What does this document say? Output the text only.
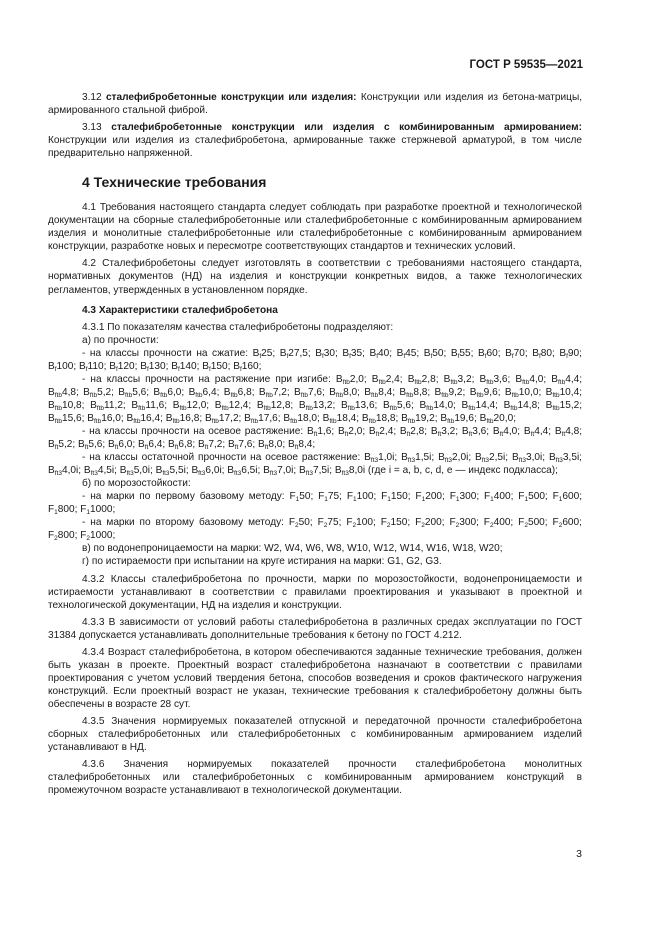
ГОСТ Р 59535—2021

3.12 сталефибробетонные конструкции или изделия: Конструкции или изделия из бетона-матрицы, армированного стальной фиброй.

3.13 сталефибробетонные конструкции или изделия с комбинированным армированием: Конструкции или изделия из сталефибробетона, армированные также стержневой арматурой, в том числе предварительно напряженной.

4 Технические требования

4.1 Требования настоящего стандарта следует соблюдать при разработке проектной и технологической документации на сборные сталефибробетонные или сталефибробетонные с комбинированным армированием изделия и монолитные сталефибробетонные или сталефибробетонные с комбинированным армированием конструкции, разработке новых и пересмотре соответствующих стандартов и технических условий.

4.2 Сталефибробетоны следует изготовлять в соответствии с требованиями настоящего стандарта, нормативных документов (НД) на изделия и конструкции конкретных видов, а также технологических регламентов, утвержденных в установленном порядке.

4.3 Характеристики сталефибробетона

4.3.1 По показателям качества сталефибробетоны подразделяют:

а) по прочности:

- на классы прочности на сжатие: $B_f25$; $B_f27,5$; $B_f30$; $B_f35$; $B_f40$; $B_f45$; $B_f50$; $B_f55$; $B_f60$; $B_f70$; $B_f80$; $B_f90$; $B_f100$; $B_f110$; $B_f120$; $B_f130$; $B_f140$; $B_f150$; $B_f160$;

- на классы прочности на растяжение при изгибе: $B_{ftb}2,0$; $B_{ftb}2,4$; $B_{ftb}2,8$; $B_{ftb}3,2$; $B_{ftb}3,6$; $B_{ftb}4,0$; $B_{ftb}4,4$; $B_{ftb}4,8$; $B_{ftb}5,2$; $B_{ftb}5,6$; $B_{ftb}6,0$; $B_{ftb}6,4$; $B_{ftb}6,8$; $B_{ftb}7,2$; $B_{ftb}7,6$; $B_{ftb}8,0$; $B_{ftb}8,4$; $B_{ftb}8,8$; $B_{ftb}9,2$; $B_{ftb}9,6$; $B_{ftb}10,0$; $B_{ftb}10,4$; $B_{ftb}10,8$; $B_{ftb}11,2$; $B_{ftb}11,6$; $B_{ftb}12,0$; $B_{ftb}12,4$; $B_{ftb}12,8$; $B_{ftb}13,2$; $B_{ftb}13,6$; $B_{ftb}5,6$; $B_{ftb}14,0$; $B_{ftb}14,4$; $B_{ftb}14,8$; $B_{ftb}15,2$; $B_{ftb}15,6$; $B_{ftb}16,0$; $B_{ftb}16,4$; $B_{ftb}16,8$; $B_{ftb}17,2$; $B_{ftb}17,6$; $B_{ftb}18,0$; $B_{ftb}18,4$; $B_{ftb}18,8$; $B_{ftb}19,2$; $B_{ftb}19,6$; $B_{ftb}20,0$;

- на классы прочности на осевое растяжение: $B_{ft}1,6$; $B_{ft}2,0$; $B_{ft}2,4$; $B_{ft}2,8$; $B_{ft}3,2$; $B_{ft}3,6$; $B_{ft}4,0$; $B_{ft}4,4$; $B_{ft}4,8$; $B_{ft}5,2$; $B_{ft}5,6$; $B_{ft}6,0$; $B_{ft}6,4$; $B_{ft}6,8$; $B_{ft}7,2$; $B_{ft}7,6$; $B_{ft}8,0$; $B_{ft}8,4$;

- на классы остаточной прочности на осевое растяжение: $B_{ft3}1,0i$; $B_{ft3}1,5i$; $B_{ft3}2,0i$; $B_{ft3}2,5i$; $B_{ft3}3,0i$; $B_{ft3}3,5i$; $B_{ft3}4,0i$; $B_{ft3}4,5i$; $B_{ft3}5,0i$; $B_{ft3}5,5i$; $B_{ft3}6,0i$; $B_{ft3}6,5i$; $B_{ft3}7,0i$; $B_{ft3}7,5i$; $B_{ft3}8,0i$ (где i = a, b, c, d, e — индекс подкласса);

б) по морозостойкости:

- на марки по первому базовому методу: $F_150$; $F_175$; $F_1100$; $F_1150$; $F_1200$; $F_1300$; $F_1400$; $F_1500$; $F_1600$; $F_1800$; $F_11000$;

- на марки по второму базовому методу: $F_250$; $F_275$; $F_2100$; $F_2150$; $F_2200$; $F_2300$; $F_2400$; $F_2500$; $F_2600$; $F_2800$; $F_21000$;

в) по водонепроницаемости на марки: W2, W4, W6, W8, W10, W12, W14, W16, W18, W20;

г) по истираемости при испытании на круге истирания на марки: G1, G2, G3.

4.3.2 Классы сталефибробетона по прочности, марки по морозостойкости, водонепроницаемости и истираемости устанавливают в соответствии с правилами проектирования и указывают в проектной и технологической документации, НД на изделия и конструкции.

4.3.3 В зависимости от условий работы сталефибробетона в различных средах эксплуатации по ГОСТ 31384 допускается устанавливать дополнительные требования к бетону по ГОСТ 4.212.

4.3.4 Возраст сталефибробетона, в котором обеспечиваются заданные технические требования, должен быть указан в проекте. Проектный возраст сталефибробетона назначают в соответствии с правилами проектирования с учетом условий твердения бетона, способов возведения и сроков фактического нагружения конструкций. Если проектный возраст не указан, технические требования к сталефибробетону должны быть обеспечены в возрасте 28 сут.

4.3.5 Значения нормируемых показателей отпускной и передаточной прочности сталефибробетона сборных сталефибробетонных или сталефибробетонных с комбинированным армированием изделий устанавливают в НД.

4.3.6 Значения нормируемых показателей прочности сталефибробетона монолитных сталефибробетонных или сталефибробетонных с комбинированным армированием конструкций в промежуточном возрасте устанавливают в технологической документации.

3
